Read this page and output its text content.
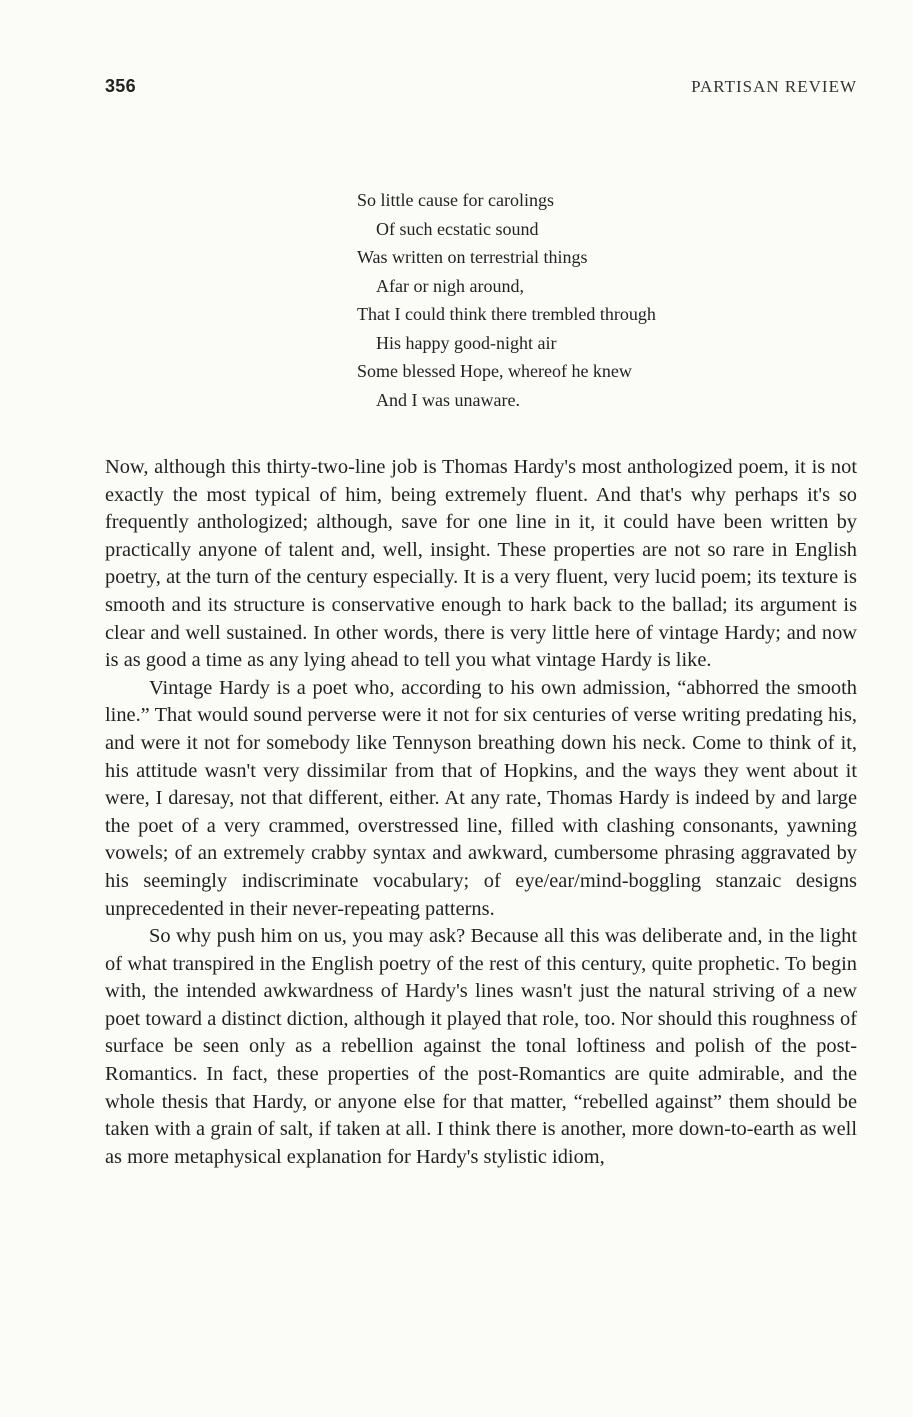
356	PARTISAN REVIEW
So little cause for carolings
Of such ecstatic sound
Was written on terrestrial things
Afar or nigh around,
That I could think there trembled through
His happy good-night air
Some blessed Hope, whereof he knew
And I was unaware.

Now, although this thirty-two-line job is Thomas Hardy's most anthologized poem, it is not exactly the most typical of him, being extremely fluent. And that's why perhaps it's so frequently anthologized; although, save for one line in it, it could have been written by practically anyone of talent and, well, insight. These properties are not so rare in English poetry, at the turn of the century especially. It is a very fluent, very lucid poem; its texture is smooth and its structure is conservative enough to hark back to the ballad; its argument is clear and well sustained. In other words, there is very little here of vintage Hardy; and now is as good a time as any lying ahead to tell you what vintage Hardy is like.

Vintage Hardy is a poet who, according to his own admission, “abhorred the smooth line.” That would sound perverse were it not for six centuries of verse writing predating his, and were it not for somebody like Tennyson breathing down his neck. Come to think of it, his attitude wasn't very dissimilar from that of Hopkins, and the ways they went about it were, I daresay, not that different, either. At any rate, Thomas Hardy is indeed by and large the poet of a very crammed, overstressed line, filled with clashing consonants, yawning vowels; of an extremely crabby syntax and awkward, cumbersome phrasing aggravated by his seemingly indiscriminate vocabulary; of eye/ear/mind-boggling stanzaic designs unprecedented in their never-repeating patterns.

So why push him on us, you may ask? Because all this was deliberate and, in the light of what transpired in the English poetry of the rest of this century, quite prophetic. To begin with, the intended awkwardness of Hardy's lines wasn't just the natural striving of a new poet toward a distinct diction, although it played that role, too. Nor should this roughness of surface be seen only as a rebellion against the tonal loftiness and polish of the post-Romantics. In fact, these properties of the post-Romantics are quite admirable, and the whole thesis that Hardy, or anyone else for that matter, “rebelled against” them should be taken with a grain of salt, if taken at all. I think there is another, more down-to-earth as well as more metaphysical explanation for Hardy's stylistic idiom,
